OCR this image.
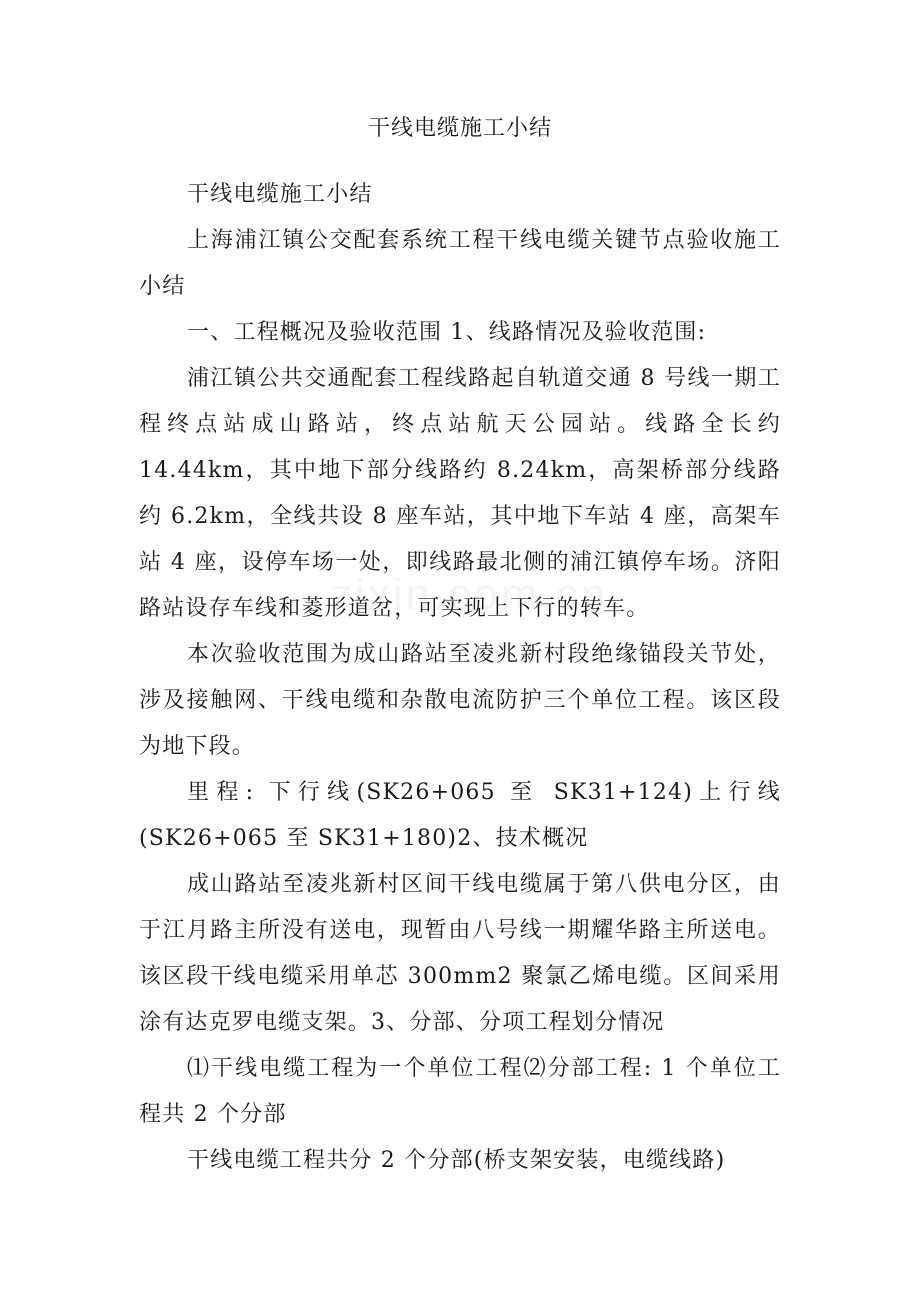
干线电缆施工小结

干线电缆施工小结

上海浦江镇公交配套系统工程干线电缆关键节点验收施工小结

一、工程概况及验收范围 1、线路情况及验收范围:

浦江镇公共交通配套工程线路起自轨道交通 8 号线一期工程终点站成山路站，终点站航天公园站。线路全长约 14.44km，其中地下部分线路约 8.24km，高架桥部分线路约 6.2km，全线共设 8 座车站，其中地下车站 4 座，高架车站 4 座，设停车场一处，即线路最北侧的浦江镇停车场。济阳路站设存车线和菱形道岔，可实现上下行的转车。

本次验收范围为成山路站至凌兆新村段绝缘锚段关节处，涉及接触网、干线电缆和杂散电流防护三个单位工程。该区段为地下段。

里程: 下行线(SK26+065 至 SK31+124)上行线(SK26+065 至 SK31+180)2、技术概况

成山路站至凌兆新村区间干线电缆属于第八供电分区，由于江月路主所没有送电，现暂由八号线一期耀华路主所送电。该区段干线电缆采用单芯 300mm2 聚氯乙烯电缆。区间采用涂有达克罗电缆支架。3、分部、分项工程划分情况

⑴干线电缆工程为一个单位工程⑵分部工程: 1 个单位工程共 2 个分部

干线电缆工程共分 2 个分部(桥支架安装，电缆线路)
